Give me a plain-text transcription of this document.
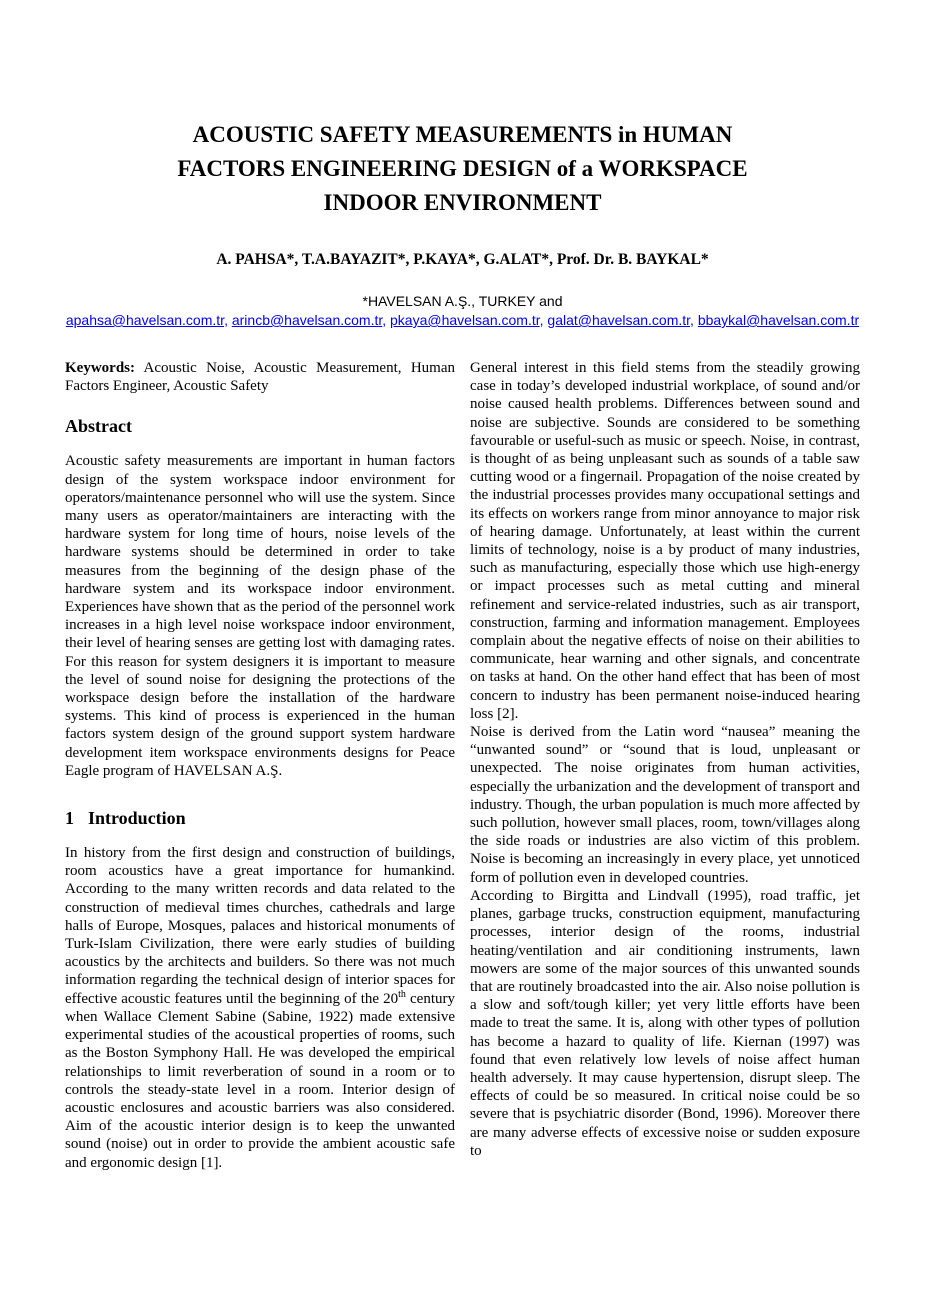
ACOUSTIC SAFETY MEASUREMENTS in HUMAN
FACTORS ENGINEERING DESIGN of a WORKSPACE
INDOOR ENVIRONMENT
A. PAHSA*, T.A.BAYAZIT*, P.KAYA*, G.ALAT*, Prof. Dr. B. BAYKAL*
*HAVELSAN A.Ş., TURKEY and apahsa@havelsan.com.tr, arincb@havelsan.com.tr, pkaya@havelsan.com.tr, galat@havelsan.com.tr, bbaykal@havelsan.com.tr

Keywords: Acoustic Noise, Acoustic Measurement, Human Factors Engineer, Acoustic Safety

Abstract

Acoustic safety measurements are important in human factors design of the system workspace indoor environment for operators/maintenance personnel who will use the system. Since many users as operator/maintainers are interacting with the hardware system for long time of hours, noise levels of the hardware systems should be determined in order to take measures from the beginning of the design phase of the hardware system and its workspace indoor environment. Experiences have shown that as the period of the personnel work increases in a high level noise workspace indoor environment, their level of hearing senses are getting lost with damaging rates. For this reason for system designers it is important to measure the level of sound noise for designing the protections of the workspace design before the installation of the hardware systems. This kind of process is experienced in the human factors system design of the ground support system hardware development item workspace environments designs for Peace Eagle program of HAVELSAN A.Ş.

1 Introduction

In history from the first design and construction of buildings, room acoustics have a great importance for humankind. According to the many written records and data related to the construction of medieval times churches, cathedrals and large halls of Europe, Mosques, palaces and historical monuments of Turk-Islam Civilization, there were early studies of building acoustics by the architects and builders. So there was not much information regarding the technical design of interior spaces for effective acoustic features until the beginning of the 20th century when Wallace Clement Sabine (Sabine, 1922) made extensive experimental studies of the acoustical properties of rooms, such as the Boston Symphony Hall. He was developed the empirical relationships to limit reverberation of sound in a room or to controls the steady-state level in a room. Interior design of acoustic enclosures and acoustic barriers was also considered. Aim of the acoustic interior design is to keep the unwanted sound (noise) out in order to provide the ambient acoustic safe and ergonomic design [1].

General interest in this field stems from the steadily growing case in today’s developed industrial workplace, of sound and/or noise caused health problems. Differences between sound and noise are subjective. Sounds are considered to be something favourable or useful-such as music or speech. Noise, in contrast, is thought of as being unpleasant such as sounds of a table saw cutting wood or a fingernail. Propagation of the noise created by the industrial processes provides many occupational settings and its effects on workers range from minor annoyance to major risk of hearing damage. Unfortunately, at least within the current limits of technology, noise is a by product of many industries, such as manufacturing, especially those which use high-energy or impact processes such as metal cutting and mineral refinement and service-related industries, such as air transport, construction, farming and information management. Employees complain about the negative effects of noise on their abilities to communicate, hear warning and other signals, and concentrate on tasks at hand. On the other hand effect that has been of most concern to industry has been permanent noise-induced hearing loss [2].

Noise is derived from the Latin word “nausea” meaning the “unwanted sound” or “sound that is loud, unpleasant or unexpected. The noise originates from human activities, especially the urbanization and the development of transport and industry. Though, the urban population is much more affected by such pollution, however small places, room, town/villages along the side roads or industries are also victim of this problem. Noise is becoming an increasingly in every place, yet unnoticed form of pollution even in developed countries.

According to Birgitta and Lindvall (1995), road traffic, jet planes, garbage trucks, construction equipment, manufacturing processes, interior design of the rooms, industrial heating/ventilation and air conditioning instruments, lawn mowers are some of the major sources of this unwanted sounds that are routinely broadcasted into the air. Also noise pollution is a slow and soft/tough killer; yet very little efforts have been made to treat the same. It is, along with other types of pollution has become a hazard to quality of life. Kiernan (1997) was found that even relatively low levels of noise affect human health adversely. It may cause hypertension, disrupt sleep. The effects of could be so measured. In critical noise could be so severe that is psychiatric disorder (Bond, 1996). Moreover there are many adverse effects of excessive noise or sudden exposure to
